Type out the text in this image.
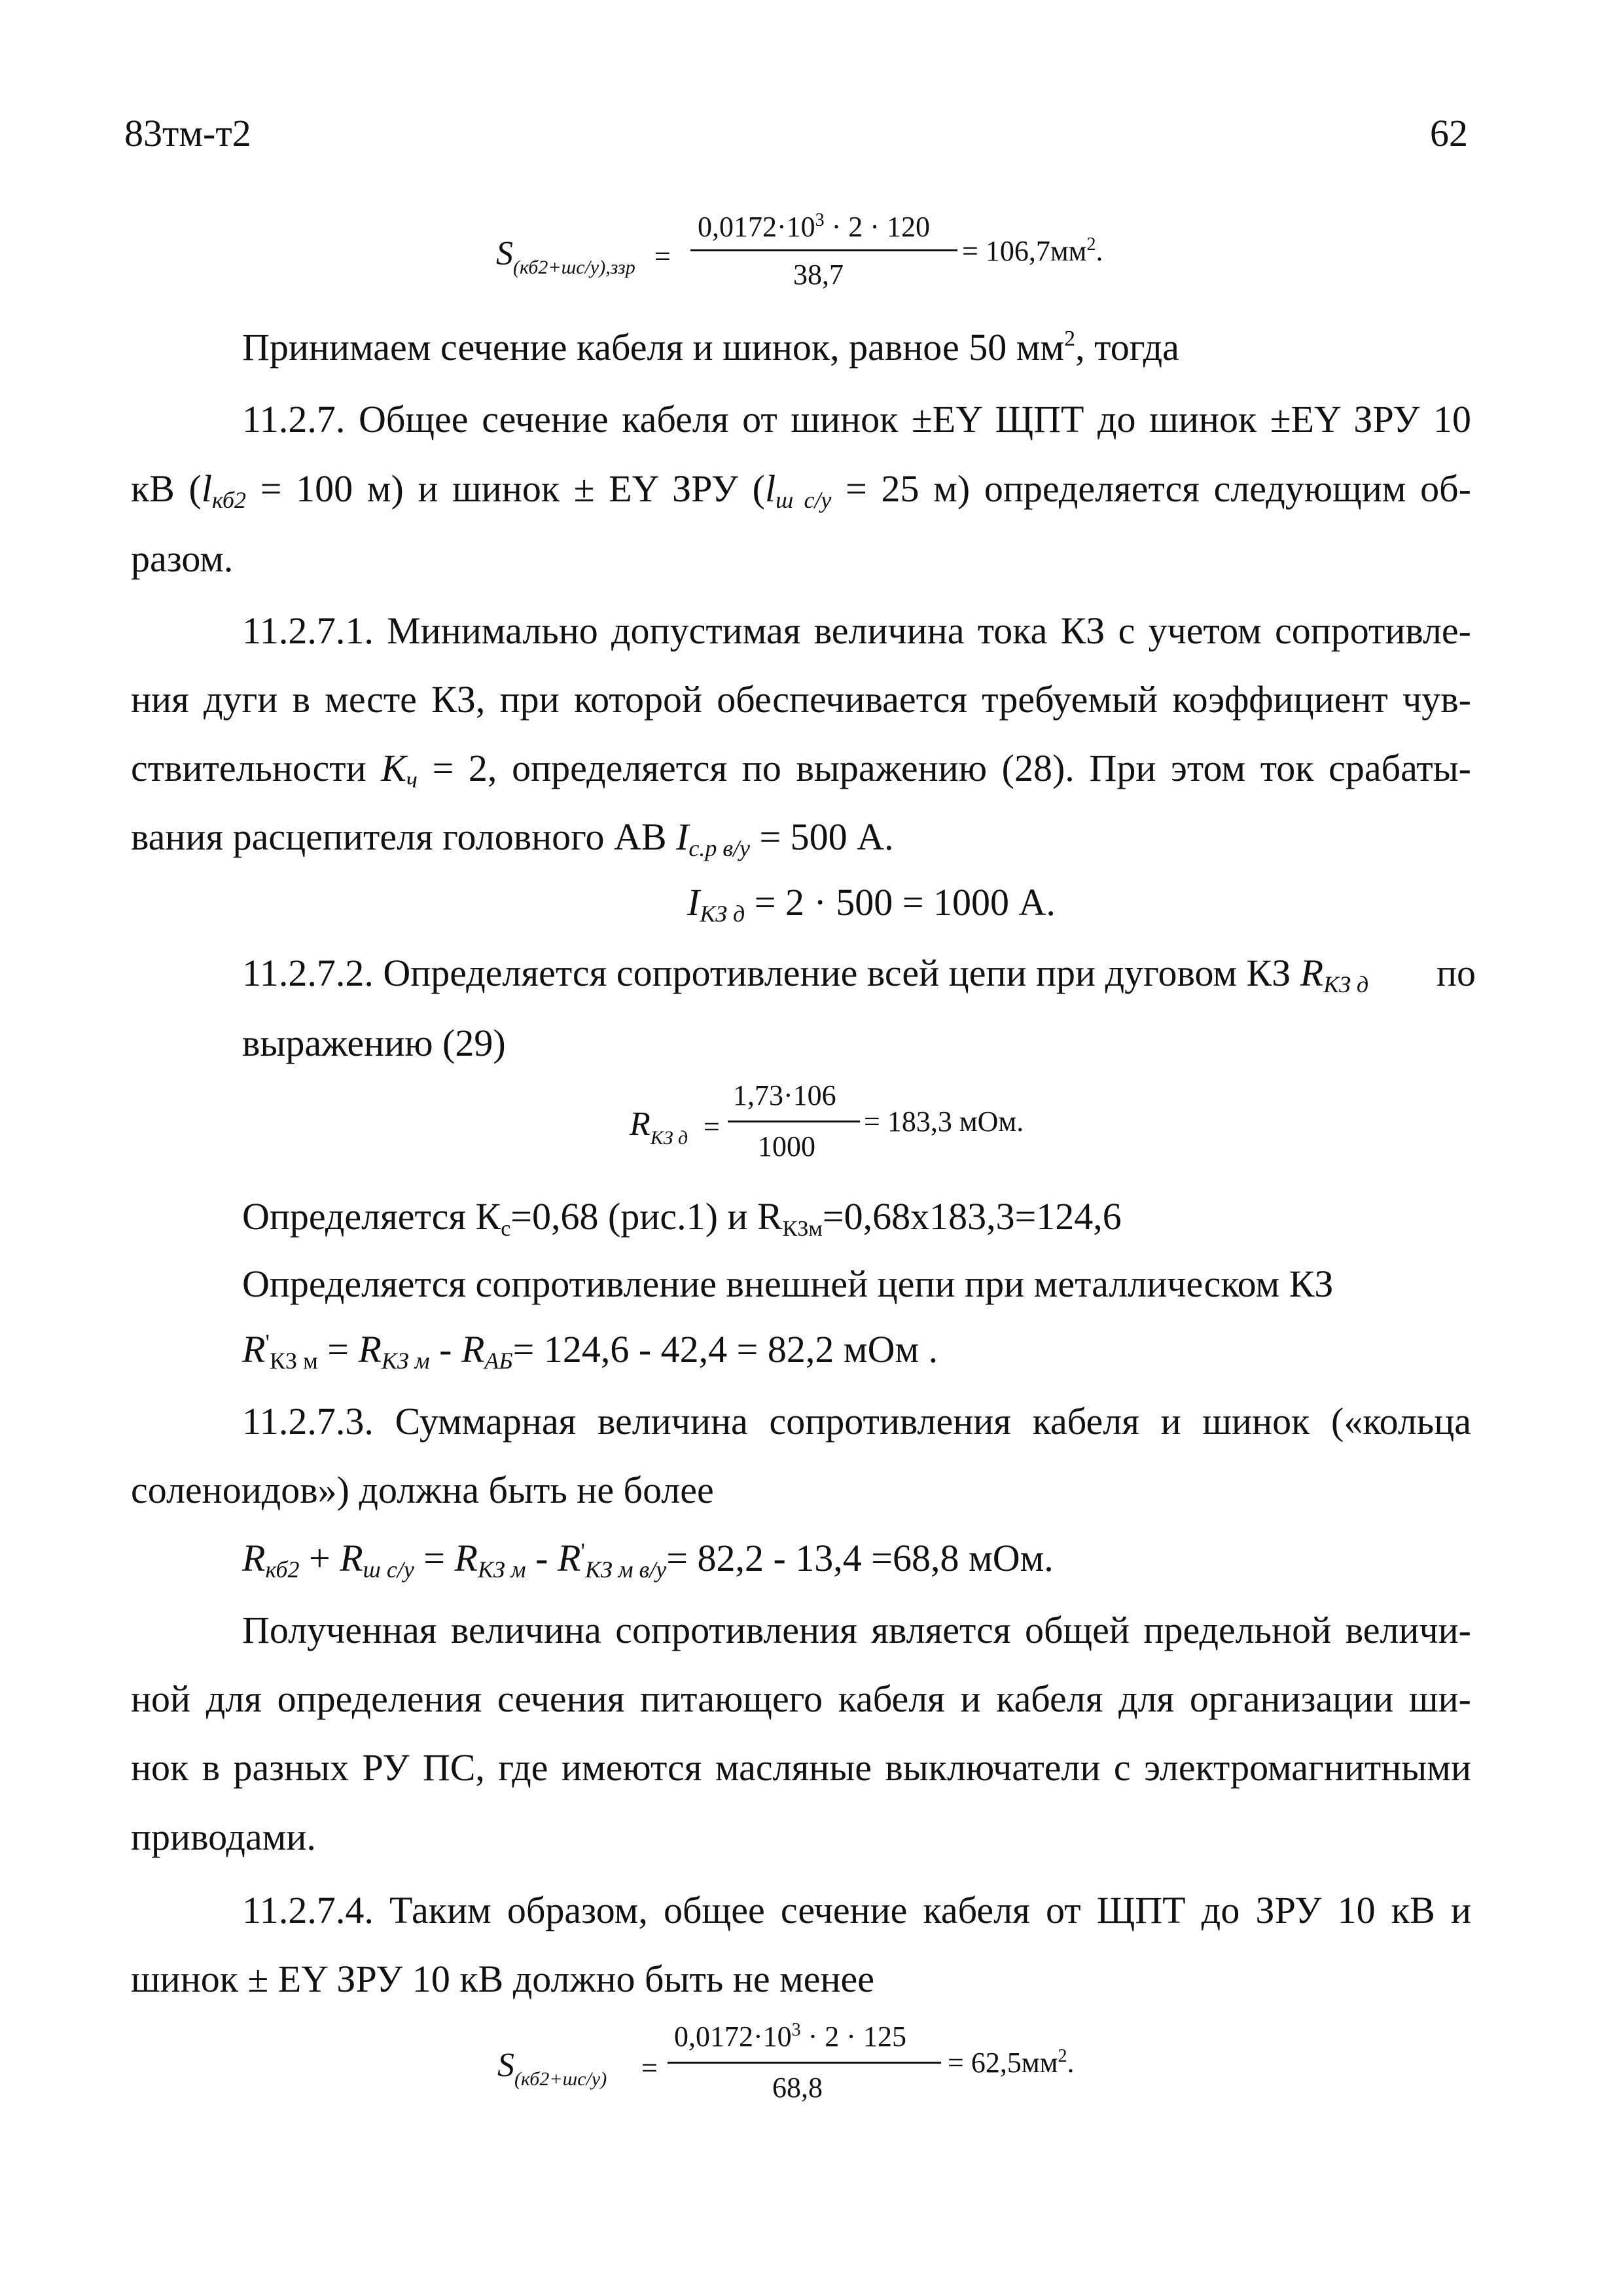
83тм-т2	62
$S_{(кб2+шс/у),ззр}$ =
$0,0172\cdot 10^3 \cdot 2 \cdot 120$
38,7
= $106,7мм^2$.
Принимаем сечение кабеля и шинок, равное 50 $мм^2$, тогда
11.2.7. Общее сечение кабеля от шинок ±ЕY ЩПТ до шинок ±ЕY ЗРУ 10
кВ (lкб2 = 100 м) и шинок ± ЕY ЗРУ (lш с/у = 25 м) определяется следующим об-
разом.
11.2.7.1. Минимально допустимая величина тока КЗ с учетом сопротивле-
ния дуги в месте КЗ, при которой обеспечивается требуемый коэффициент чув-
ствительности Кч = 2, определяется по выражению (28). При этом ток срабаты-
вания расцепителя головного АВ Iс.р в/у = 500 А.
IКЗ д = 2 · 500 = 1000 А.
11.2.7.2. Определяется сопротивление всей цепи при дуговом КЗ RКЗ д по
выражению (29)
$R_{КЗ д}$ =
1,73·106
1000
= 183,3 мОм.
Определяется Кс=0,68 (рис.1) и RКЗм=0,68x183,3=124,6
Определяется сопротивление внешней цепи при металлическом КЗ
R'КЗ м = RКЗ м - RАБ= 124,6 - 42,4 = 82,2 мОм .
11.2.7.3. Суммарная величина сопротивления кабеля и шинок («кольца
соленоидов») должна быть не более
Rкб2 + Rш с/у = RКЗ м - R'КЗ м в/у= 82,2 - 13,4 =68,8 мОм.
Полученная величина сопротивления является общей предельной величи-
ной для определения сечения питающего кабеля и кабеля для организации ши-
нок в разных РУ ПС, где имеются масляные выключатели с электромагнитными
приводами.
11.2.7.4. Таким образом, общее сечение кабеля от ЩПТ до ЗРУ 10 кВ и
шинок ± ЕY ЗРУ 10 кВ должно быть не менее
$S_{(кб2+шс/у)}$ =
$0,0172\cdot 10^3 \cdot 2 \cdot 125$
68,8
= $62,5мм^2$.
